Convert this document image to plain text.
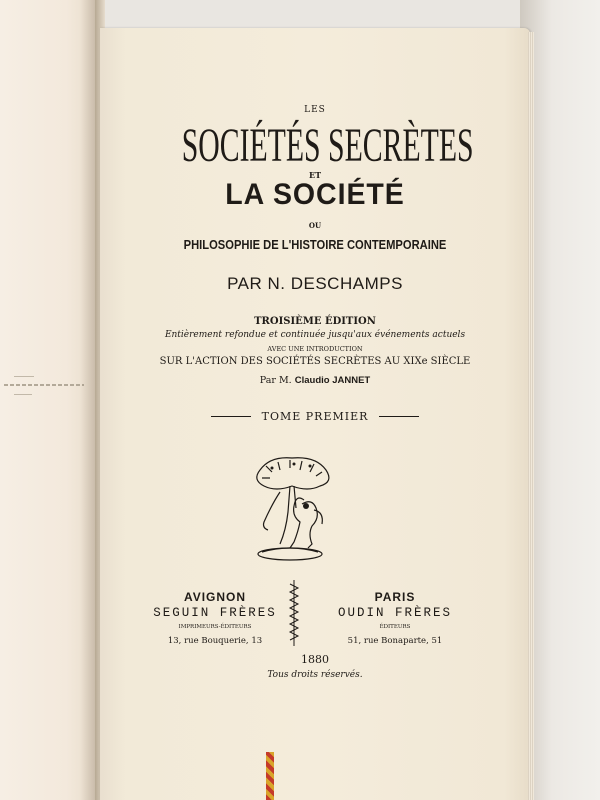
LES

SOCIÉTÉS SECRÈTES

ET

LA SOCIÉTÉ

OU

PHILOSOPHIE DE L'HISTOIRE CONTEMPORAINE

PAR N. DESCHAMPS

TROISIÈME ÉDITION

Entièrement refondue et continuée jusqu'aux événements actuels

AVEC UNE INTRODUCTION

SUR L'ACTION DES SOCIÉTÉS SECRÈTES AU XIXe SIÈCLE

Par M. Claudio JANNET

TOME PREMIER
AVIGNON
SEGUIN FRÈRES
IMPRIMEURS-ÉDITEURS
13, rue Bouquerie, 13
PARIS
OUDIN FRÈRES
ÉDITEURS
51, rue Bonaparte, 51

1880

Tous droits réservés.
